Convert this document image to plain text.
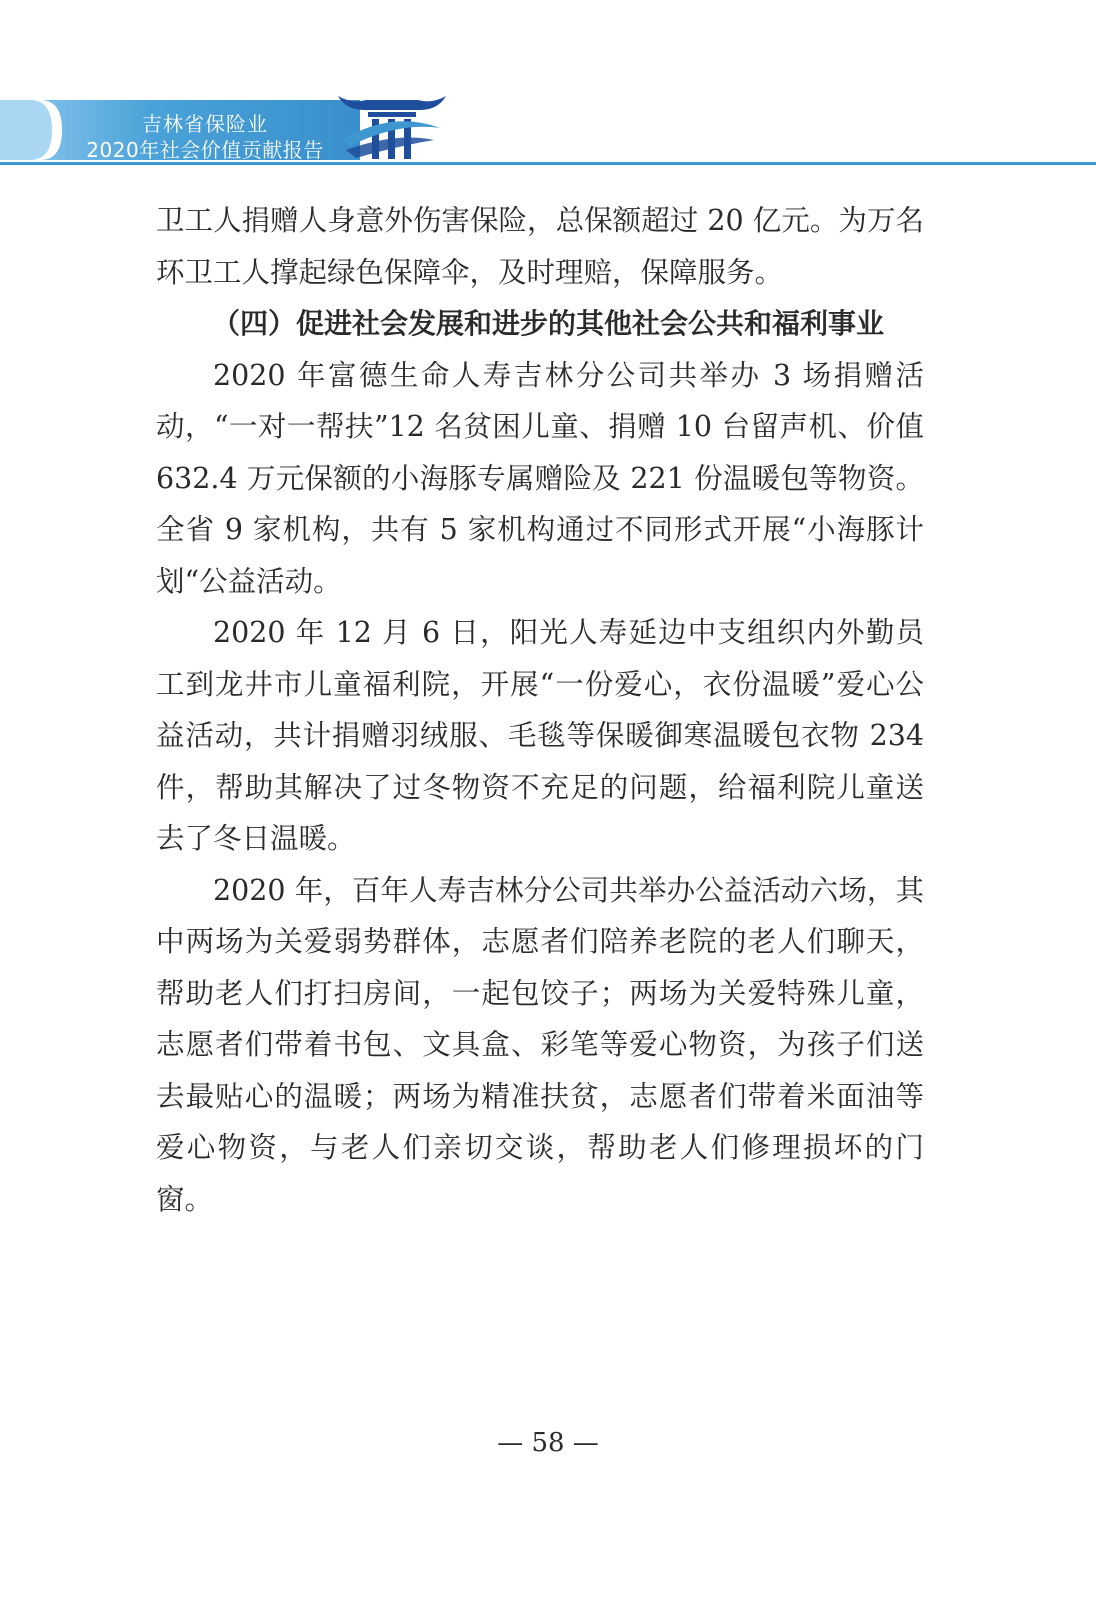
吉林省保险业
2020年社会价值贡献报告

卫工人捐赠人身意外伤害保险，总保额超过 20 亿元。为万名环卫工人撑起绿色保障伞，及时理赔，保障服务。

（四）促进社会发展和进步的其他社会公共和福利事业

2020 年富德生命人寿吉林分公司共举办 3 场捐赠活动，“一对一帮扶”12 名贫困儿童、捐赠 10 台留声机、价值 632.4 万元保额的小海豚专属赠险及 221 份温暖包等物资。全省 9 家机构，共有 5 家机构通过不同形式开展“小海豚计划“公益活动。

2020 年 12 月 6 日，阳光人寿延边中支组织内外勤员工到龙井市儿童福利院，开展“一份爱心，衣份温暖”爱心公益活动，共计捐赠羽绒服、毛毯等保暖御寒温暖包衣物 234 件，帮助其解决了过冬物资不充足的问题，给福利院儿童送去了冬日温暖。

2020 年，百年人寿吉林分公司共举办公益活动六场，其中两场为关爱弱势群体，志愿者们陪养老院的老人们聊天，帮助老人们打扫房间，一起包饺子；两场为关爱特殊儿童，志愿者们带着书包、文具盒、彩笔等爱心物资，为孩子们送去最贴心的温暖；两场为精准扶贫，志愿者们带着米面油等爱心物资，与老人们亲切交谈，帮助老人们修理损坏的门窗。

— 58 —
